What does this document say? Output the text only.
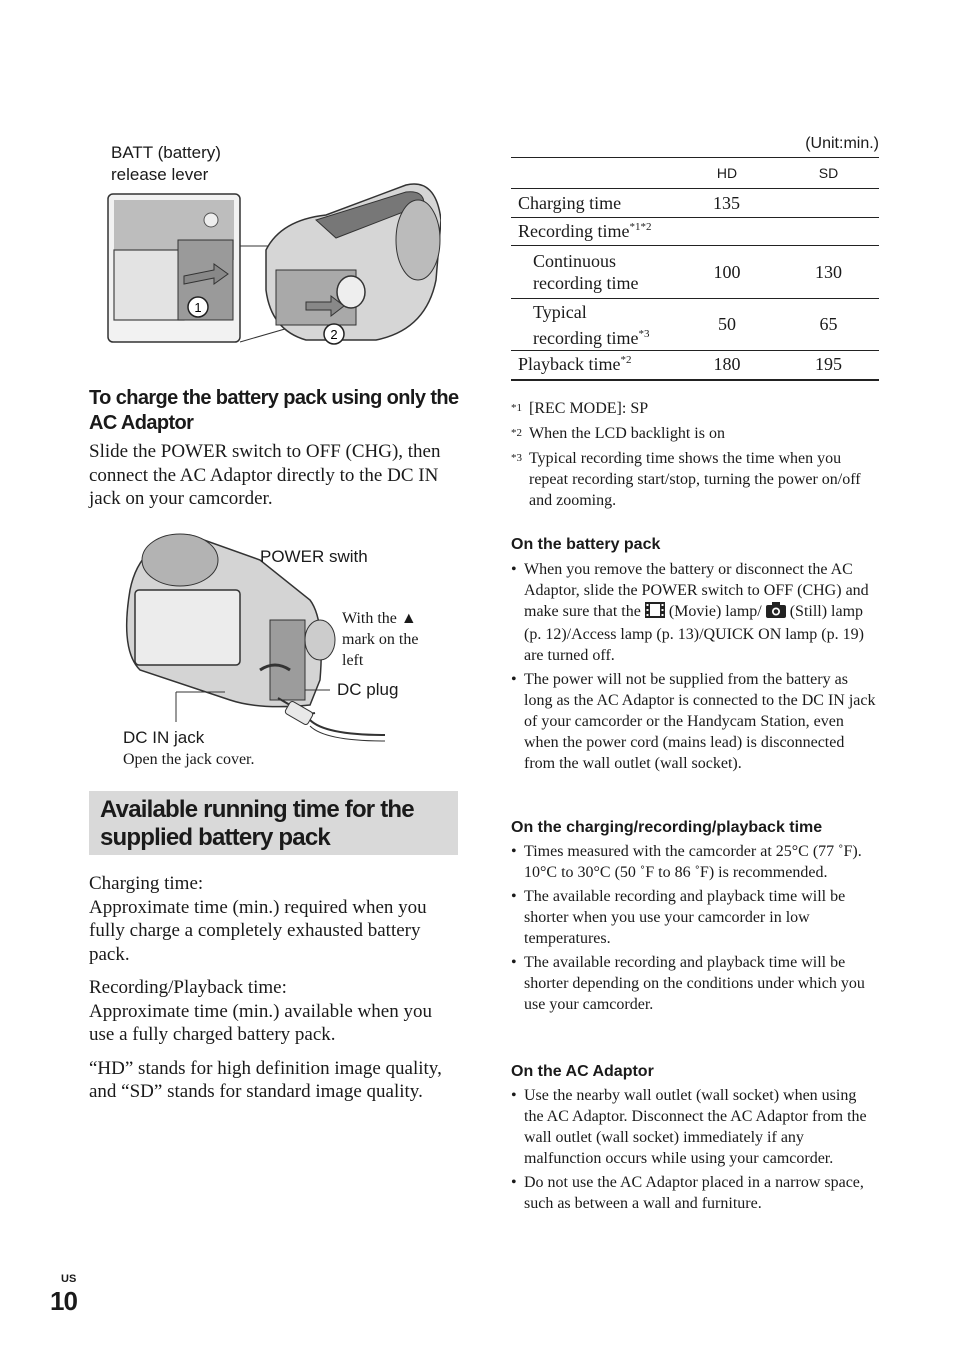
BATT (battery)
release lever
1
2
To charge the battery pack using only the AC Adaptor
Slide the POWER switch to OFF (CHG), then connect the AC Adaptor directly to the DC IN jack on your camcorder.
POWER swith
With the ▲
mark on the
left
DC plug
DC IN jack
Open the jack cover.
Available running time for the
supplied battery pack
Charging time:
Approximate time (min.) required when you fully charge a completely exhausted battery pack.
Recording/Playback time:
Approximate time (min.) available when you use a fully charged battery pack.
“HD” stands for high definition image quality, and “SD” stands for standard image quality.
US
10
(Unit:min.)
	HD	SD
Charging time	135	
Recording time$^{*1*2}$

Continuous
recording time	100	130

Typical
recording time$^{*3}$	50	65
Playback time$^{*2}$	180	195
*1 [REC MODE]: SP
*2 When the LCD backlight is on
*3 Typical recording time shows the time when you repeat recording start/stop, turning the power on/off and zooming.
On the battery pack
• When you remove the battery or disconnect the AC Adaptor, slide the POWER switch to OFF (CHG) and make sure that the (Movie) lamp/ (Still) lamp (p. 12)/Access lamp (p. 13)/QUICK ON lamp (p. 19) are turned off.
• The power will not be supplied from the battery as long as the AC Adaptor is connected to the DC IN jack of your camcorder or the Handycam Station, even when the power cord (mains lead) is disconnected from the wall outlet (wall socket).
On the charging/recording/playback time
• Times measured with the camcorder at 25°C (77 ˚F).
10°C to 30°C (50 ˚F to 86 ˚F) is recommended.
• The available recording and playback time will be shorter when you use your camcorder in low temperatures.
• The available recording and playback time will be shorter depending on the conditions under which you use your camcorder.
On the AC Adaptor
• Use the nearby wall outlet (wall socket) when using the AC Adaptor. Disconnect the AC Adaptor from the wall outlet (wall socket) immediately if any malfunction occurs while using your camcorder.
• Do not use the AC Adaptor placed in a narrow space, such as between a wall and furniture.
